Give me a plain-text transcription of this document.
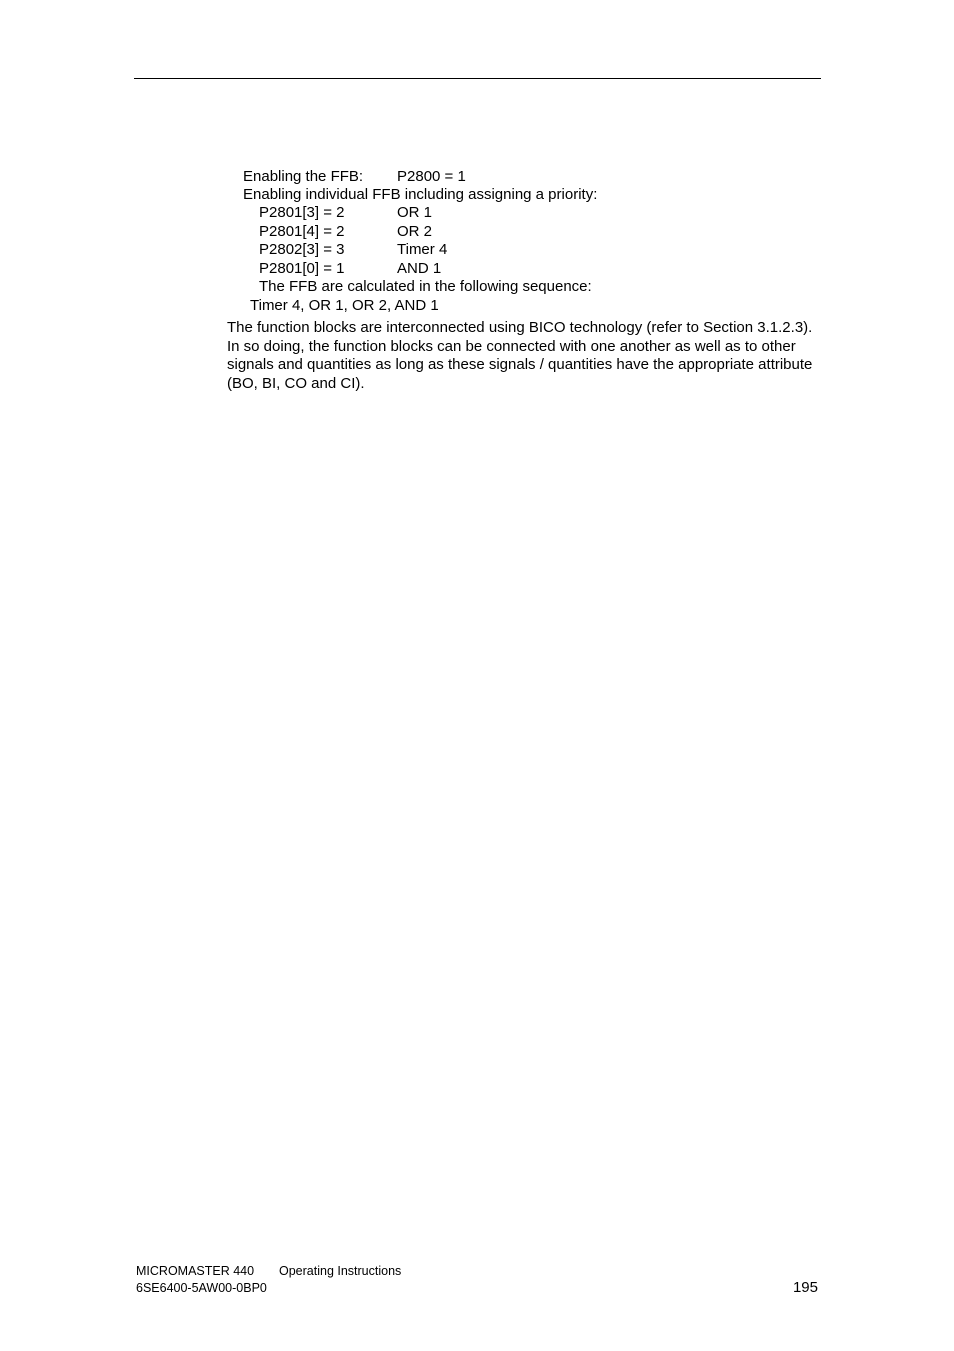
Enabling the FFB: P2800 = 1
Enabling individual FFB including assigning a priority:
P2801[3] = 2	OR 1
P2801[4] = 2	OR 2
P2802[3] = 3	Timer 4
P2801[0] = 1	AND 1
The FFB are calculated in the following sequence:
Timer 4, OR 1, OR 2, AND 1
The function blocks are interconnected using BICO technology (refer to Section 3.1.2.3). In so doing, the function blocks can be connected with one another as well as to other signals and quantities as long as these signals / quantities have the appropriate attribute (BO, BI, CO and CI).
MICROMASTER 440 Operating Instructions
6SE6400-5AW00-0BP0	195
